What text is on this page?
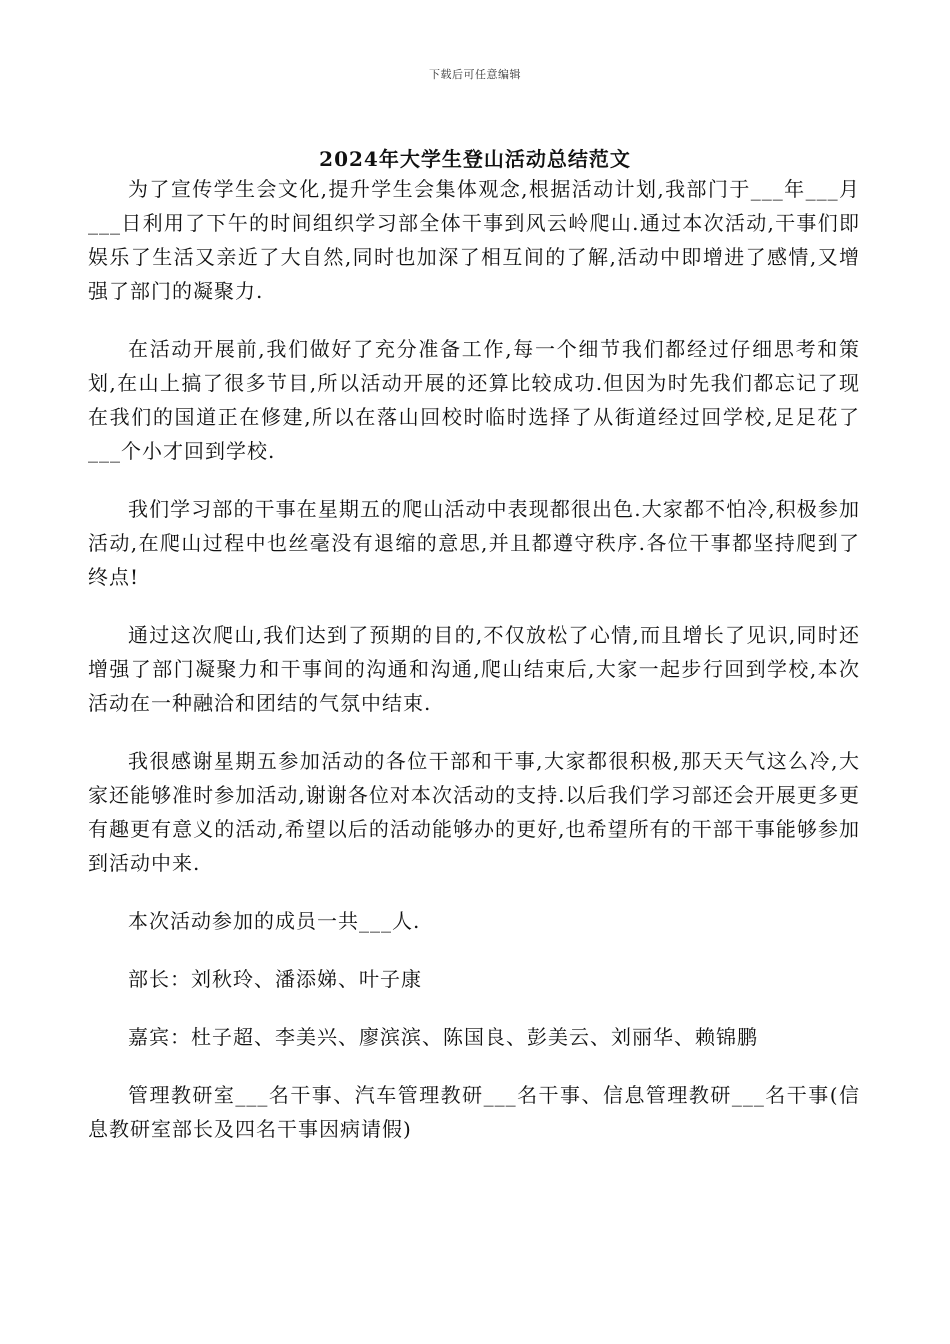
下载后可任意编辑
2024年大学生登山活动总结范文

为了宣传学生会文化,提升学生会集体观念,根据活动计划,我部门于___年___月___日利用了下午的时间组织学习部全体干事到风云岭爬山.通过本次活动,干事们即娱乐了生活又亲近了大自然,同时也加深了相互间的了解,活动中即增进了感情,又增强了部门的凝聚力.

在活动开展前,我们做好了充分准备工作,每一个细节我们都经过仔细思考和策划,在山上搞了很多节目,所以活动开展的还算比较成功.但因为时先我们都忘记了现在我们的国道正在修建,所以在落山回校时临时选择了从街道经过回学校,足足花了___个小才回到学校.

我们学习部的干事在星期五的爬山活动中表现都很出色.大家都不怕冷,积极参加活动,在爬山过程中也丝毫没有退缩的意思,并且都遵守秩序.各位干事都坚持爬到了终点!

通过这次爬山,我们达到了预期的目的,不仅放松了心情,而且增长了见识,同时还增强了部门凝聚力和干事间的沟通和沟通,爬山结束后,大家一起步行回到学校,本次活动在一种融洽和团结的气氛中结束.

我很感谢星期五参加活动的各位干部和干事,大家都很积极,那天天气这么冷,大家还能够准时参加活动,谢谢各位对本次活动的支持.以后我们学习部还会开展更多更有趣更有意义的活动,希望以后的活动能够办的更好,也希望所有的干部干事能够参加到活动中来.

本次活动参加的成员一共___人.

部长：刘秋玲、潘添娣、叶子康

嘉宾：杜子超、李美兴、廖滨滨、陈国良、彭美云、刘丽华、赖锦鹏

管理教研室___名干事、汽车管理教研___名干事、信息管理教研___名干事(信息教研室部长及四名干事因病请假)
